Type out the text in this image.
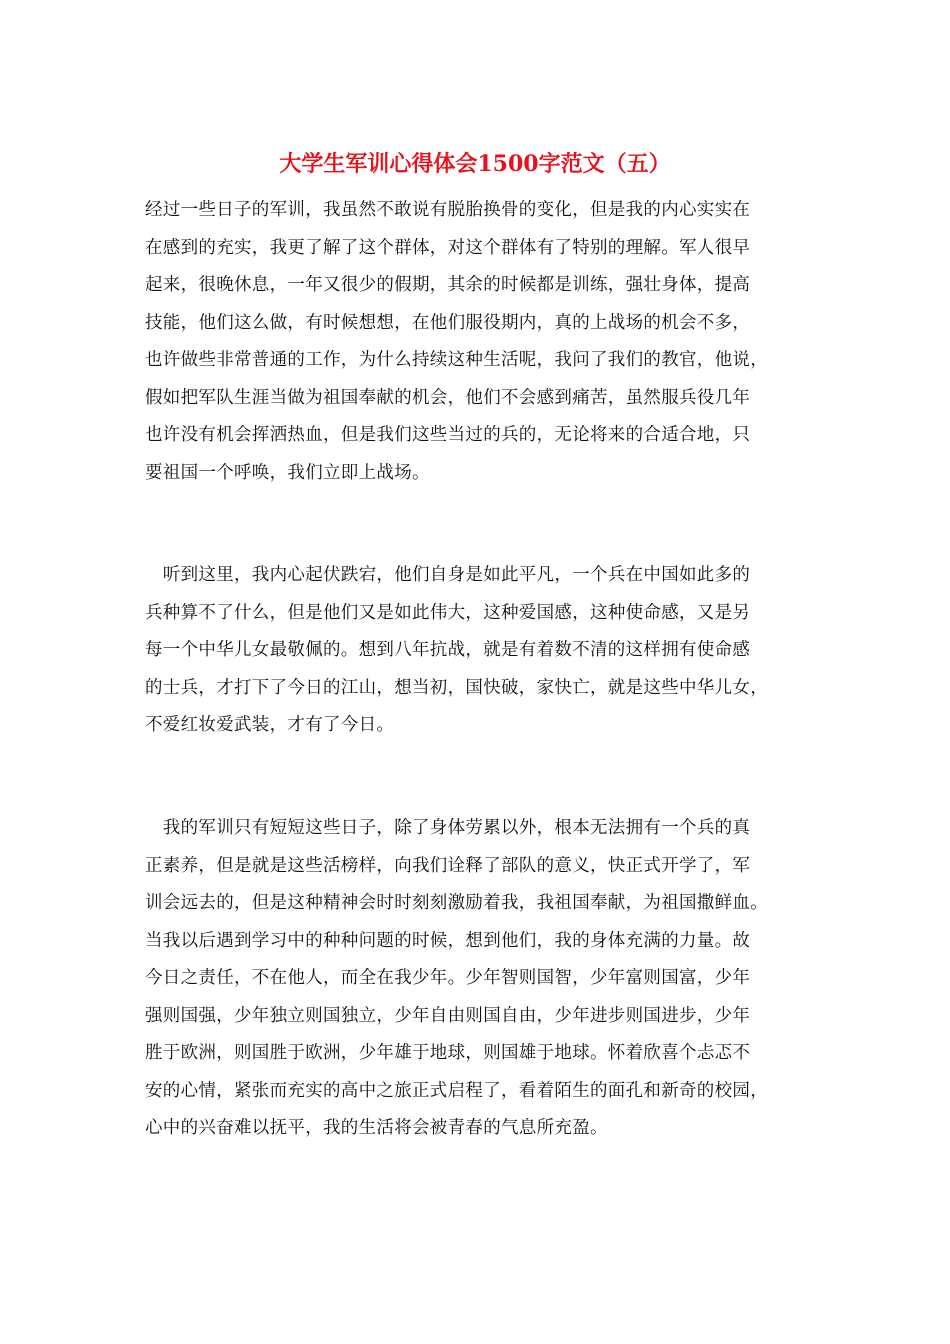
大学生军训心得体会1500字范文（五）

经过一些日子的军训，我虽然不敢说有脱胎换骨的变化，但是我的内心实实在
在感到的充实，我更了解了这个群体，对这个群体有了特别的理解。军人很早
起来，很晚休息，一年又很少的假期，其余的时候都是训练，强壮身体，提高
技能，他们这么做，有时候想想，在他们服役期内，真的上战场的机会不多，
也许做些非常普通的工作，为什么持续这种生活呢，我问了我们的教官，他说，
假如把军队生涯当做为祖国奉献的机会，他们不会感到痛苦，虽然服兵役几年
也许没有机会挥洒热血，但是我们这些当过的兵的，无论将来的合适合地，只
要祖国一个呼唤，我们立即上战场。

　听到这里，我内心起伏跌宕，他们自身是如此平凡，一个兵在中国如此多的
兵种算不了什么，但是他们又是如此伟大，这种爱国感，这种使命感，又是另
每一个中华儿女最敬佩的。想到八年抗战，就是有着数不清的这样拥有使命感
的士兵，才打下了今日的江山，想当初，国快破，家快亡，就是这些中华儿女，
不爱红妆爱武装，才有了今日。

　我的军训只有短短这些日子，除了身体劳累以外，根本无法拥有一个兵的真
正素养，但是就是这些活榜样，向我们诠释了部队的意义，快正式开学了，军
训会远去的，但是这种精神会时时刻刻激励着我，我祖国奉献，为祖国撒鲜血。
当我以后遇到学习中的种种问题的时候，想到他们，我的身体充满的力量。故
今日之责任，不在他人，而全在我少年。少年智则国智，少年富则国富，少年
强则国强，少年独立则国独立，少年自由则国自由，少年进步则国进步，少年
胜于欧洲，则国胜于欧洲，少年雄于地球，则国雄于地球。怀着欣喜个忐忑不
安的心情，紧张而充实的高中之旅正式启程了，看着陌生的面孔和新奇的校园，
心中的兴奋难以抚平，我的生活将会被青春的气息所充盈。
